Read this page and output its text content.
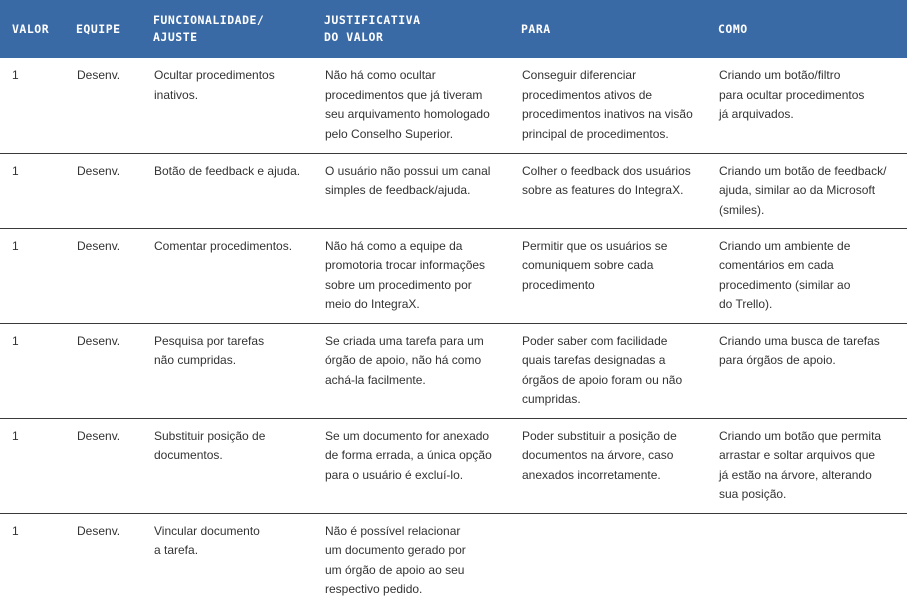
VALOR	EQUIPE	FUNCIONALIDADE/
AJUSTE	JUSTIFICATIVA
DO VALOR	PARA	COMO
1	Desenv.	Ocultar procedimentos
inativos.	Não há como ocultar
procedimentos que já tiveram
seu arquivamento homologado
pelo Conselho Superior.	Conseguir diferenciar
procedimentos ativos de
procedimentos inativos na visão
principal de procedimentos.	Criando um botão/filtro
para ocultar procedimentos
já arquivados.
1	Desenv.	Botão de feedback e ajuda.	O usuário não possui um canal
simples de feedback/ajuda.	Colher o feedback dos usuários
sobre as features do IntegraX.	Criando um botão de feedback/
ajuda, similar ao da Microsoft
(smiles).
1	Desenv.	Comentar procedimentos.	Não há como a equipe da
promotoria trocar informações
sobre um procedimento por
meio do IntegraX.	Permitir que os usuários se
comuniquem sobre cada
procedimento	Criando um ambiente de
comentários em cada
procedimento (similar ao
do Trello).
1	Desenv.	Pesquisa por tarefas
não cumpridas.	Se criada uma tarefa para um
órgão de apoio, não há como
achá-la facilmente.	Poder saber com facilidade
quais tarefas designadas a
órgãos de apoio foram ou não
cumpridas.	Criando uma busca de tarefas
para órgãos de apoio.
1	Desenv.	Substituir posição de
documentos.	Se um documento for anexado
de forma errada, a única opção
para o usuário é excluí-lo.	Poder substituir a posição de
documentos na árvore, caso
anexados incorretamente.	Criando um botão que permita
arrastar e soltar arquivos que
já estão na árvore, alterando
sua posição.
1	Desenv.	Vincular documento
a tarefa.	Não é possível relacionar
um documento gerado por
um órgão de apoio ao seu
respectivo pedido.		
